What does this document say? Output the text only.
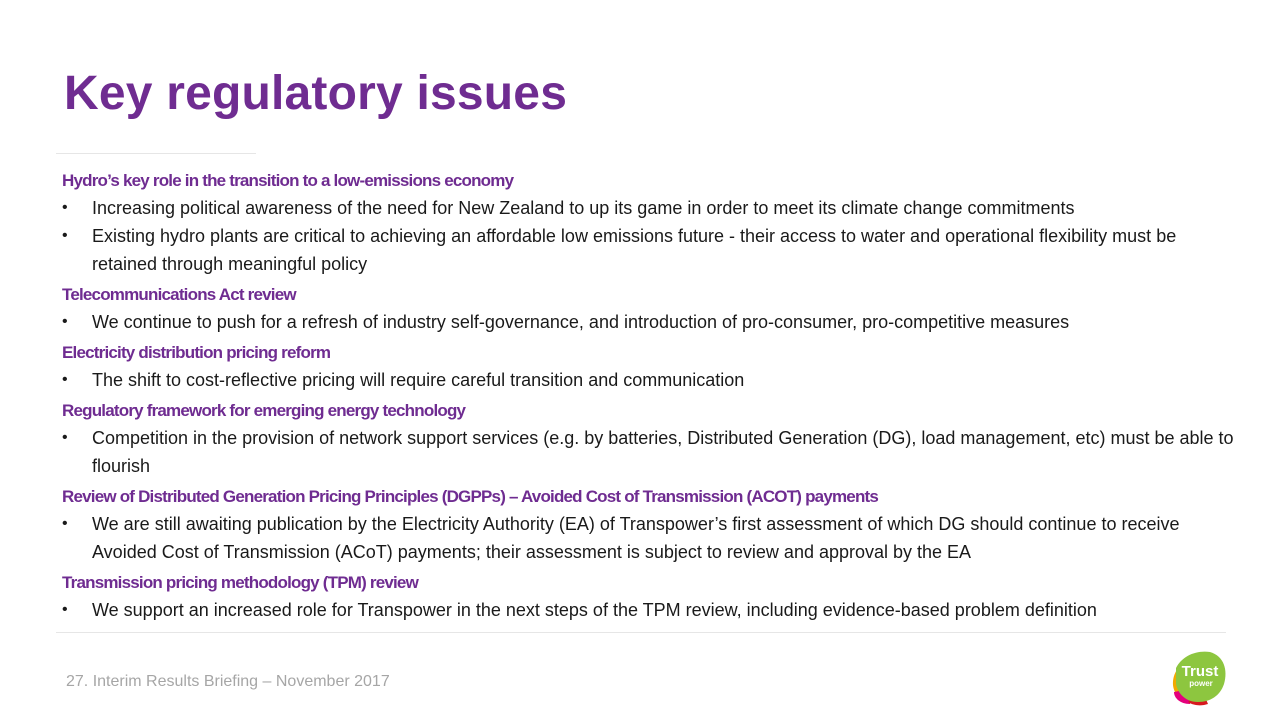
Key regulatory issues
Hydro’s key role in the transition to a low-emissions economy
• Increasing political awareness of the need for New Zealand to up its game in order to meet its climate change commitments
• Existing hydro plants are critical to achieving an affordable low emissions future - their access to water and operational flexibility must be retained through meaningful policy
Telecommunications Act review
• We continue to push for a refresh of industry self-governance, and introduction of pro-consumer, pro-competitive measures
Electricity distribution pricing reform
• The shift to cost-reflective pricing will require careful transition and communication
Regulatory framework for emerging energy technology
• Competition in the provision of network support services (e.g. by batteries, Distributed Generation (DG), load management, etc) must be able to flourish
Review of Distributed Generation Pricing Principles (DGPPs) – Avoided Cost of Transmission (ACOT) payments
• We are still awaiting publication by the Electricity Authority (EA) of Transpower’s first assessment of which DG should continue to receive Avoided Cost of Transmission (ACoT) payments; their assessment is subject to review and approval by the EA
Transmission pricing methodology (TPM) review
• We support an increased role for Transpower in the next steps of the TPM review, including evidence-based problem definition
27. Interim Results Briefing – November 2017
Trust
power
